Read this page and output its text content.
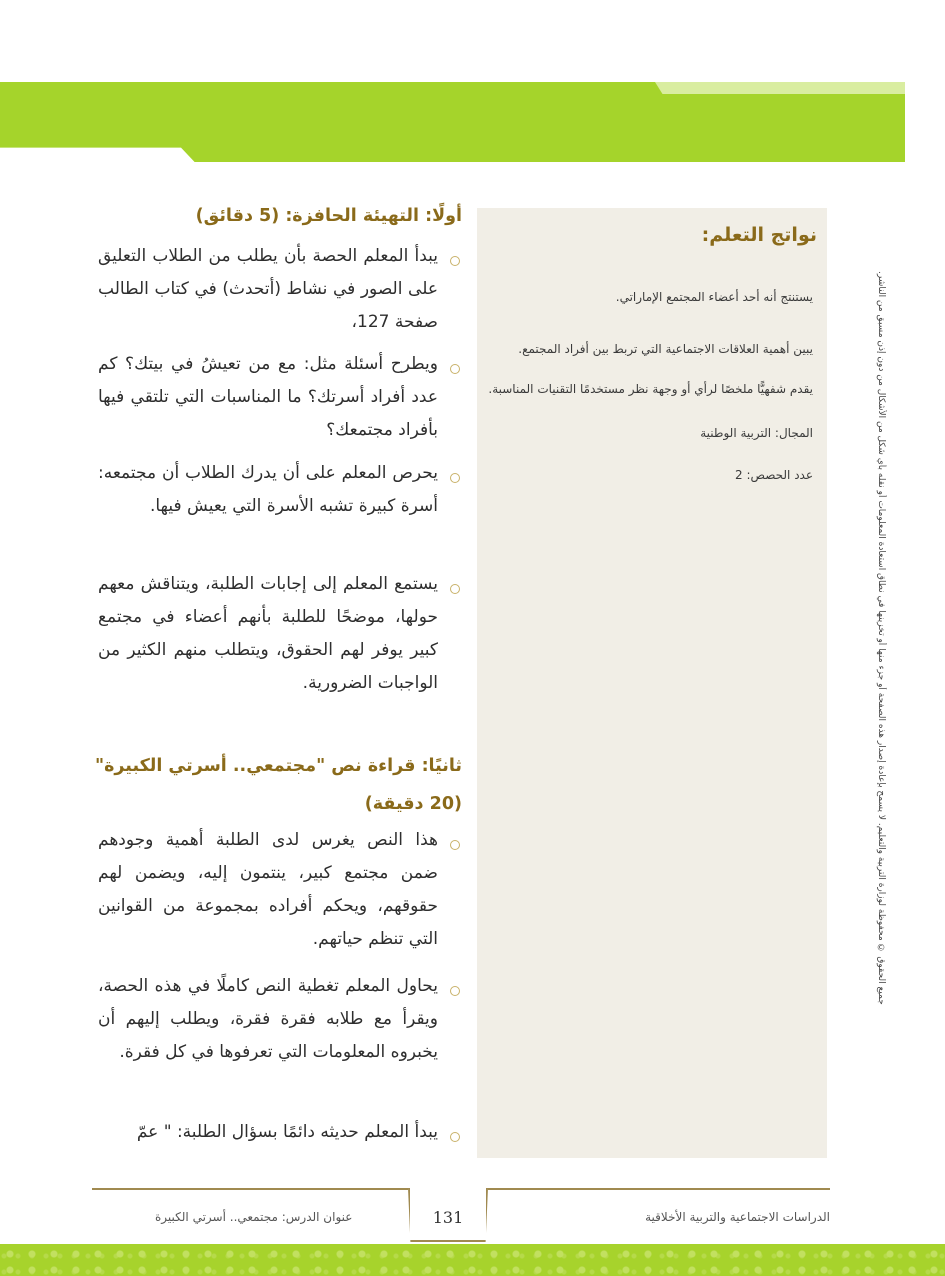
جميع الحقوق © محفوظة لوزارة التربية والتعليم. لا يسمح بإعادة إصدار هذه الصفحة أو جزء منها أو تخزينها في نطاق استعادة المعلومات أو نقله بأي شكل من الأشكال من دون إذن مسبق من الناشر.
نواتج التعلم:
يستنتج أنه أحد أعضاء المجتمع الإماراتي.
يبين أهمية العلاقات الاجتماعية التي تربط بين أفراد المجتمع.
يقدم شفهيًّا ملخصًا لرأي أو وجهة نظر مستخدمًا التقنيات المناسبة.
المجال: التربية الوطنية
عدد الحصص: 2
أولًا: التهيئة الحافزة: (5 دقائق)
يبدأ المعلم الحصة بأن يطلب من الطلاب التعليق على الصور في نشاط (أتحدث) في كتاب الطالب صفحة 127،
ويطرح أسئلة مثل: مع من تعيشُ في بيتك؟ كم عدد أفراد أسرتك؟ ما المناسبات التي تلتقي فيها بأفراد مجتمعك؟
يحرص المعلم على أن يدرك الطلاب أن مجتمعه: أسرة كبيرة تشبه الأسرة التي يعيش فيها.
يستمع المعلم إلى إجابات الطلبة، ويتناقش معهم حولها، موضحًا للطلبة بأنهم أعضاء في مجتمع كبير يوفر لهم الحقوق، ويتطلب منهم الكثير من الواجبات الضرورية.
ثانيًا: قراءة نص "مجتمعي.. أسرتي الكبيرة"
(20 دقيقة)
هذا النص يغرس لدى الطلبة أهمية وجودهم ضمن مجتمع كبير، ينتمون إليه، ويضمن لهم حقوقهم، ويحكم أفراده بمجموعة من القوانين التي تنظم حياتهم.
يحاول المعلم تغطية النص كاملًا في هذه الحصة، ويقرأ مع طلابه فقرة فقرة، ويطلب إليهم أن يخبروه المعلومات التي تعرفوها في كل فقرة.
يبدأ المعلم حديثه دائمًا بسؤال الطلبة: " عمّ
131	الدراسات الاجتماعية والتربية الأخلاقية
عنوان الدرس: مجتمعي.. أسرتي الكبيرة
